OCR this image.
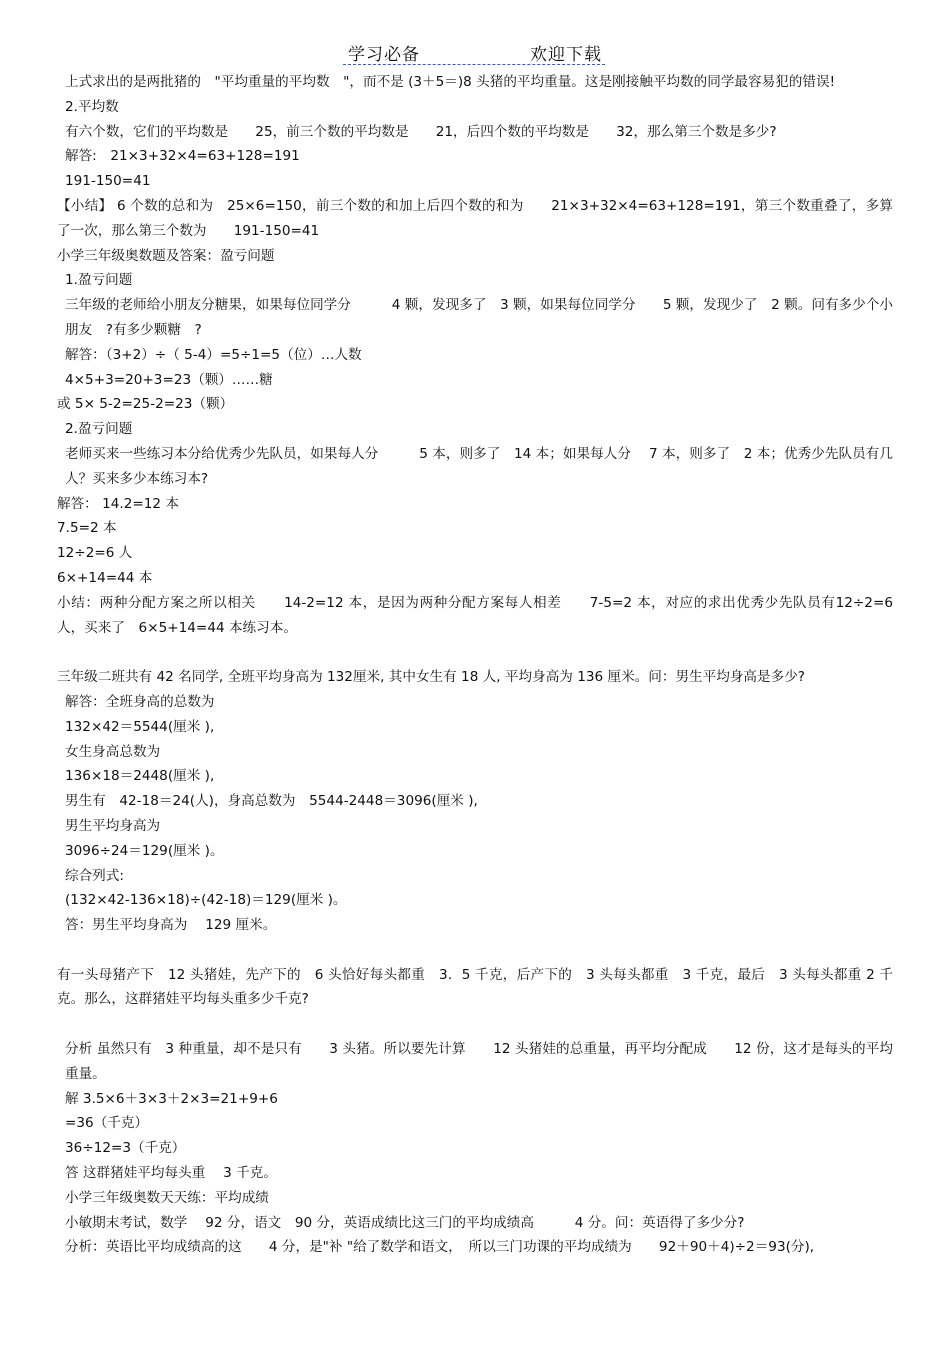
学习必备	欢迎下载

上式求出的是两批猪的　"平均重量的平均数　"，而不是 (3＋5＝)8 头猪的平均重量。这是刚接触平均数的同学最容易犯的错误!

2.平均数

有六个数，它们的平均数是　　25，前三个数的平均数是　　21，后四个数的平均数是　　32，那么第三个数是多少?

解答:　21×3+32×4=63+128=191

191-150=41

【小结】 6 个数的总和为　25×6=150，前三个数的和加上后四个数的和为　　21×3+32×4=63+128=191，第三个数重叠了，多算了一次，那么第三个数为　　191-150=41

小学三年级奥数题及答案：盈亏问题

1.盈亏问题

三年级的老师给小朋友分糖果，如果每位同学分　　　4 颗，发现多了　3 颗，如果每位同学分　　5 颗，发现少了　2 颗。问有多少个小朋友　?有多少颗糖　?

解答：（3+2）÷（ 5-4）=5÷1=5（位）…人数

4×5+3=20+3=23（颗）……糖

或 5× 5-2=25-2=23（颗）

2.盈亏问题

老师买来一些练习本分给优秀少先队员，如果每人分　　　5 本，则多了　14 本；如果每人分　 7 本，则多了　2 本；优秀少先队员有几人？买来多少本练习本?

解答： 14.2=12 本

7.5=2 本

12÷2=6 人

6×+14=44 本

小结：两种分配方案之所以相关　　14-2=12 本，是因为两种分配方案每人相差　　7-5=2 本，对应的求出优秀少先队员有12÷2=6 人，买来了　6×5+14=44 本练习本。

三年级二班共有 42 名同学, 全班平均身高为 132厘米, 其中女生有 18 人, 平均身高为 136 厘米。问：男生平均身高是多少?

解答：全班身高的总数为

132×42＝5544(厘米 ),

女生身高总数为

136×18＝2448(厘米 ),

男生有　42-18＝24(人)，身高总数为　5544-2448＝3096(厘米 ),

男生平均身高为

3096÷24＝129(厘米 )。

综合列式:

(132×42-136×18)÷(42-18)＝129(厘米 )。

答：男生平均身高为　 129 厘米。

有一头母猪产下　12 头猪娃，先产下的　6 头恰好每头都重　3．5 千克，后产下的　3 头每头都重　3 千克，最后　3 头每头都重 2 千克。那么，这群猪娃平均每头重多少千克?

分析 虽然只有　3 种重量，却不是只有　　3 头猪。所以要先计算　　12 头猪娃的总重量，再平均分配成　　12 份，这才是每头的平均重量。

解 3.5×6＋3×3＋2×3=21+9+6

=36（千克）

36÷12=3（千克）

答 这群猪娃平均每头重　 3 千克。

小学三年级奥数天天练：平均成绩

小敏期末考试，数学　 92 分，语文　90 分，英语成绩比这三门的平均成绩高　　　4 分。问：英语得了多少分?

分析：英语比平均成绩高的这　　4 分，是"补 "给了数学和语文，　所以三门功课的平均成绩为　　92＋90＋4)÷2＝93(分),
